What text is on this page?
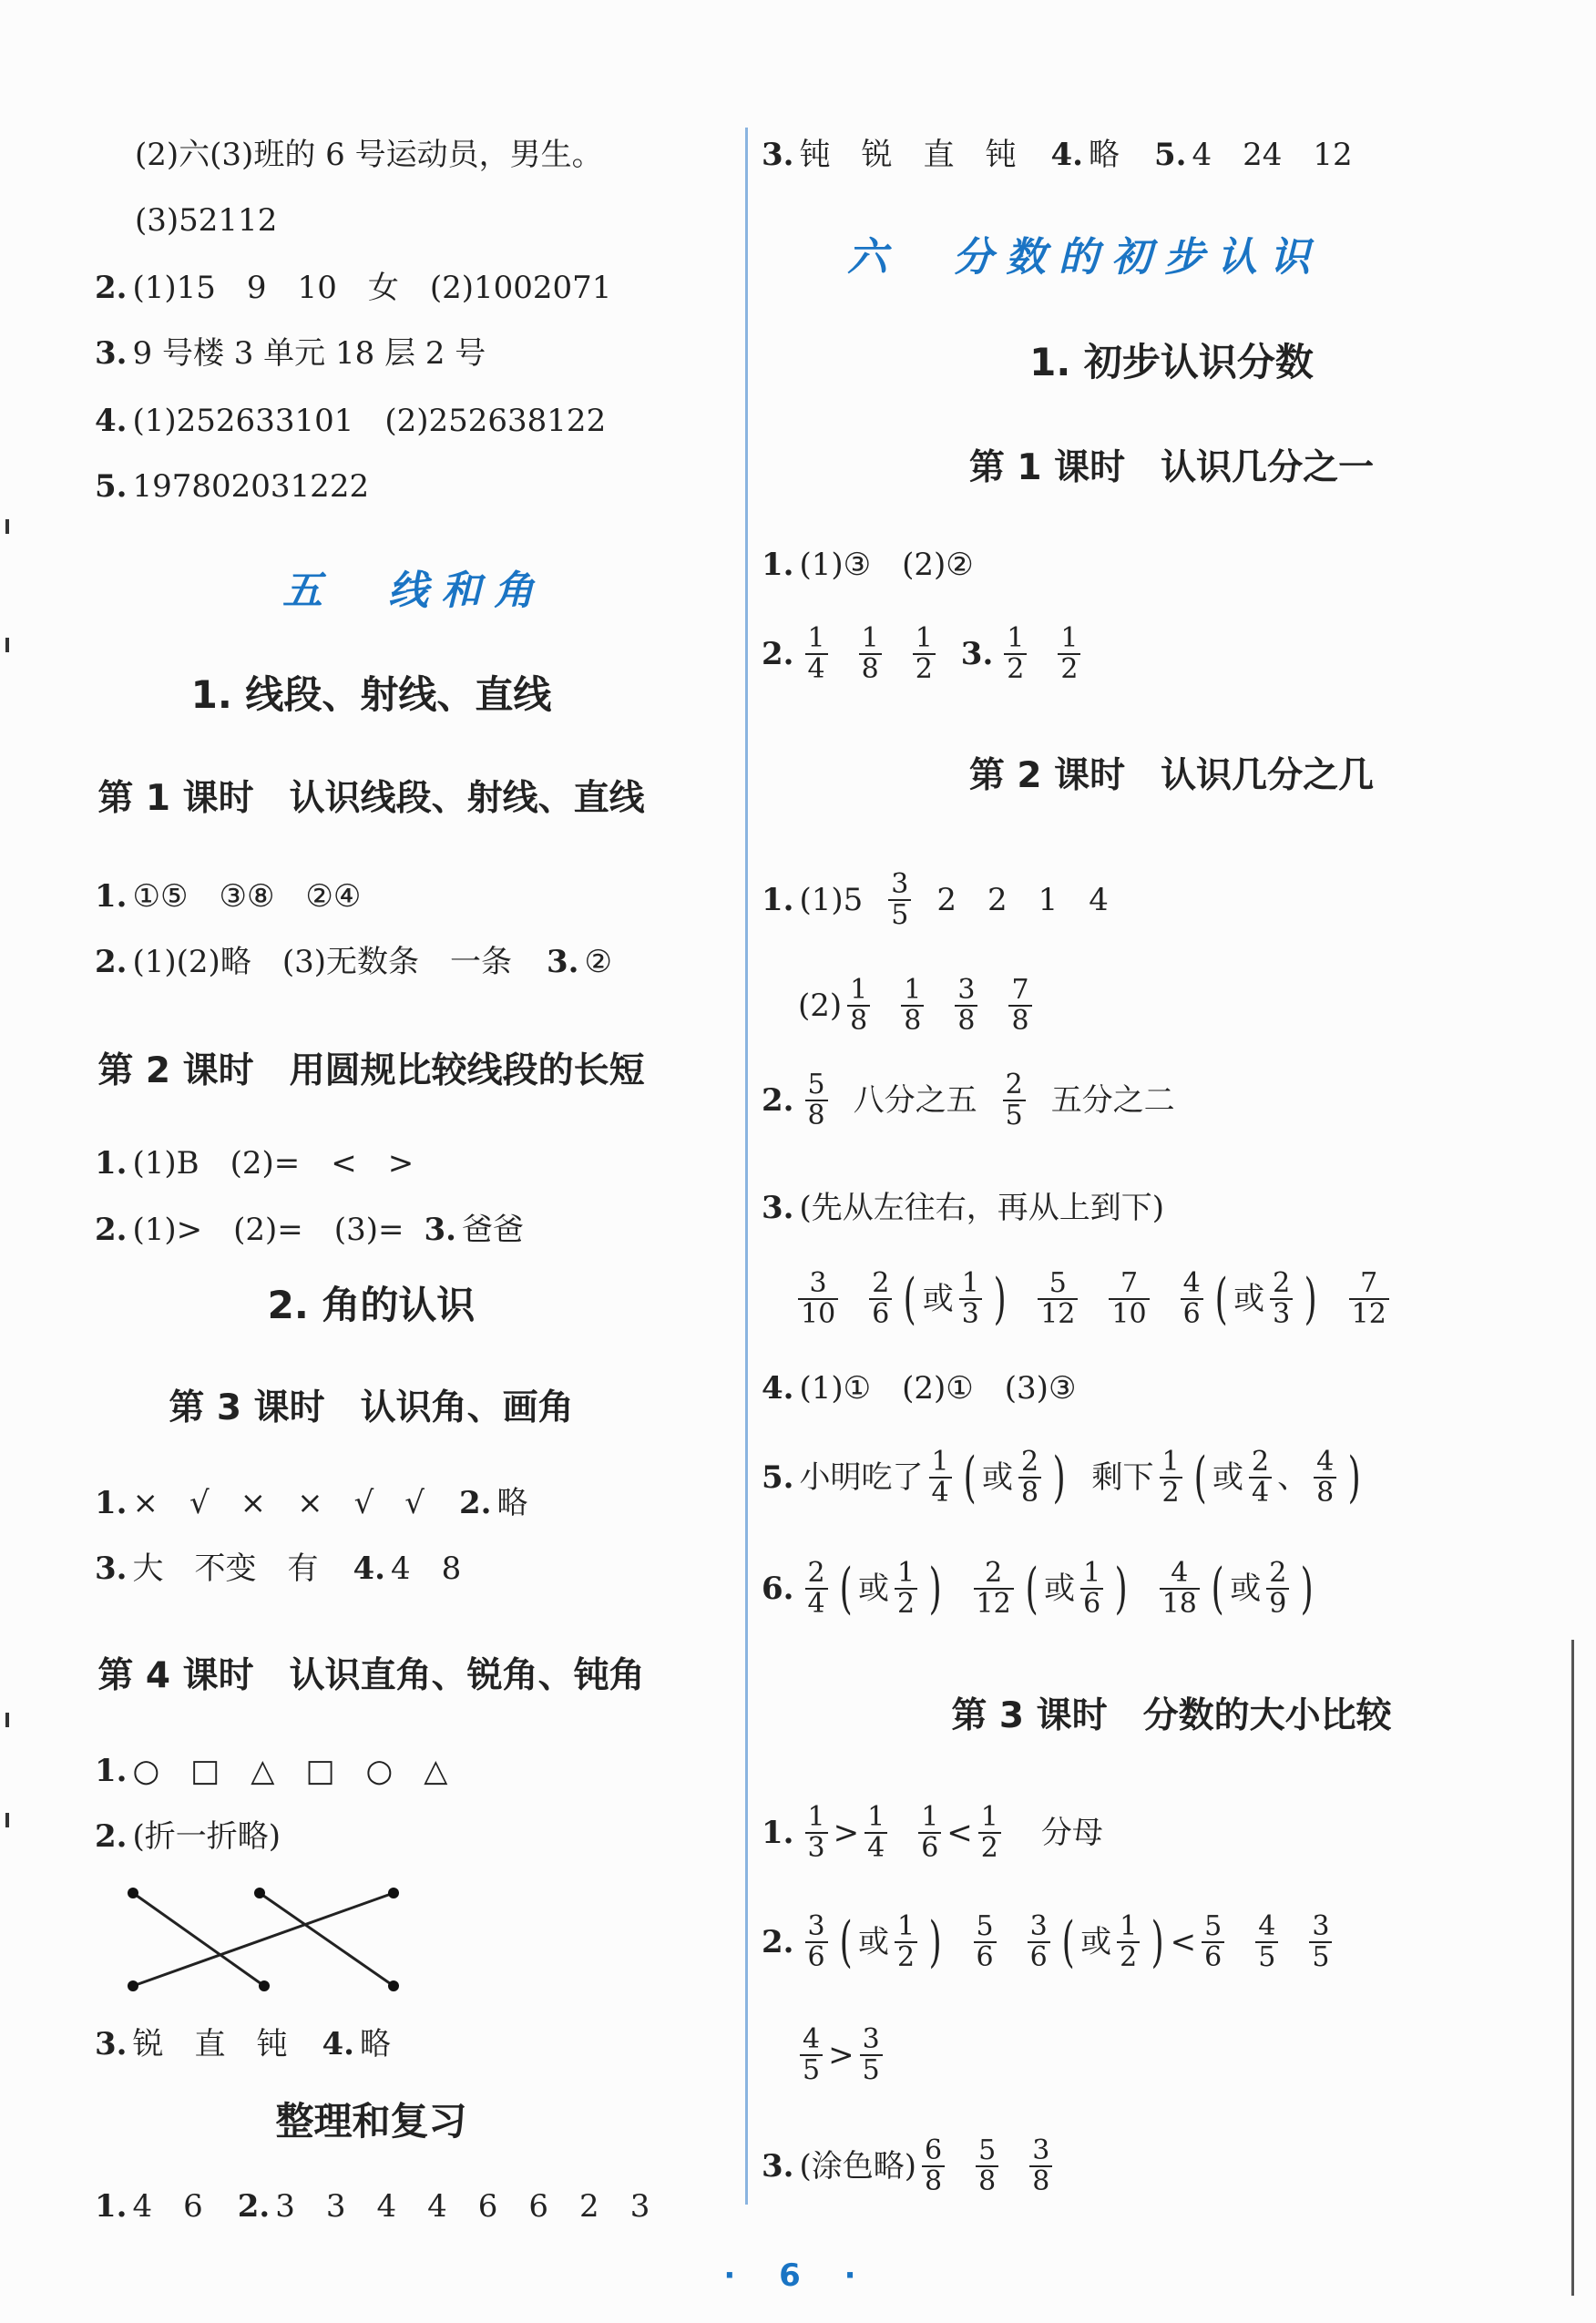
(2)六(3)班的 6 号运动员，男生。
(3)52112
2. (1)15　9　10　女　(2)1002071
3. 9 号楼 3 单元 18 层 2 号
4. (1)252633101　(2)252638122
5. 197802031222
五　线和角
1. 线段、射线、直线
第 1 课时　认识线段、射线、直线
1. ①⑤　③⑧　②④
2. (1)(2)略　(3)无数条　一条 3. ②
第 2 课时　用圆规比较线段的长短
1. (1)B　(2)=　<　>
2. (1)>　(2)=　(3)= 3. 爸爸
2. 角的认识
第 3 课时　认识角、画角
1. ×　√　×　×　√　√ 2. 略
3. 大　不变　有 4. 4　8
第 4 课时　认识直角、锐角、钝角
1. ○　□　△　□　○　△
2. (折一折略)
3. 锐　直　钝 4. 略
整理和复习
1. 4　6 2. 3　3　4　4　6　6　2　3
3. 钝　锐　直　钝 4. 略 5. 4　24　12
六　分数的初步认识
1. 初步认识分数
第 1 课时　认识几分之一
1. (1)③　(2)②
2. $\frac{1}{4} \frac{1}{8} \frac{1}{2} 3$. $\frac{1}{2} \frac{1}{2}$
第 2 课时　认识几分之几
1. $(1)5 \frac{3}{5} 2$　2　1　4
$(2) \frac{1}{8} \frac{1}{8} \frac{3}{8} \frac{7}{8}$
2. $\frac{5}{8}$ 八分之五 $\frac{2}{5}$ 五分之二
3. (先从左往右，再从上到下)
$\frac{3}{10} \frac{2}{6}$ ( 或 $\frac{1}{3}$ ) $\frac{5}{12} \frac{7}{10} \frac{4}{6}$ ( 或 $\frac{2}{3}$ ) $\frac{7}{12}$
4. (1)①　(2)①　(3)③
5. 小明吃了 $\frac{1}{4}$ ( 或 $\frac{2}{8}$ ) 剩下 $\frac{1}{2}$ ( 或 $\frac{2}{4}$ 、 $\frac{4}{8}$ )
6. $\frac{2}{4}$ ( 或 $\frac{1}{2}$ ) $\frac{2}{12}$ ( 或 $\frac{1}{6}$ ) $\frac{4}{18}$ ( 或 $\frac{2}{9}$ )
第 3 课时　分数的大小比较
1. $\frac{1}{3} > \frac{1}{4} \frac{1}{6} < \frac{1}{2}$ 分母
2. $\frac{3}{6}$ ( 或 $\frac{1}{2}$ ) $\frac{5}{6} \frac{3}{6}$ ( 或 $\frac{1}{2}$ ) < $\frac{5}{6} \frac{4}{5} \frac{3}{5}$
$\frac{4}{5} > \frac{3}{5}$
3. (涂色略) $\frac{6}{8} \frac{5}{8} \frac{3}{8}$
· 6 ·
